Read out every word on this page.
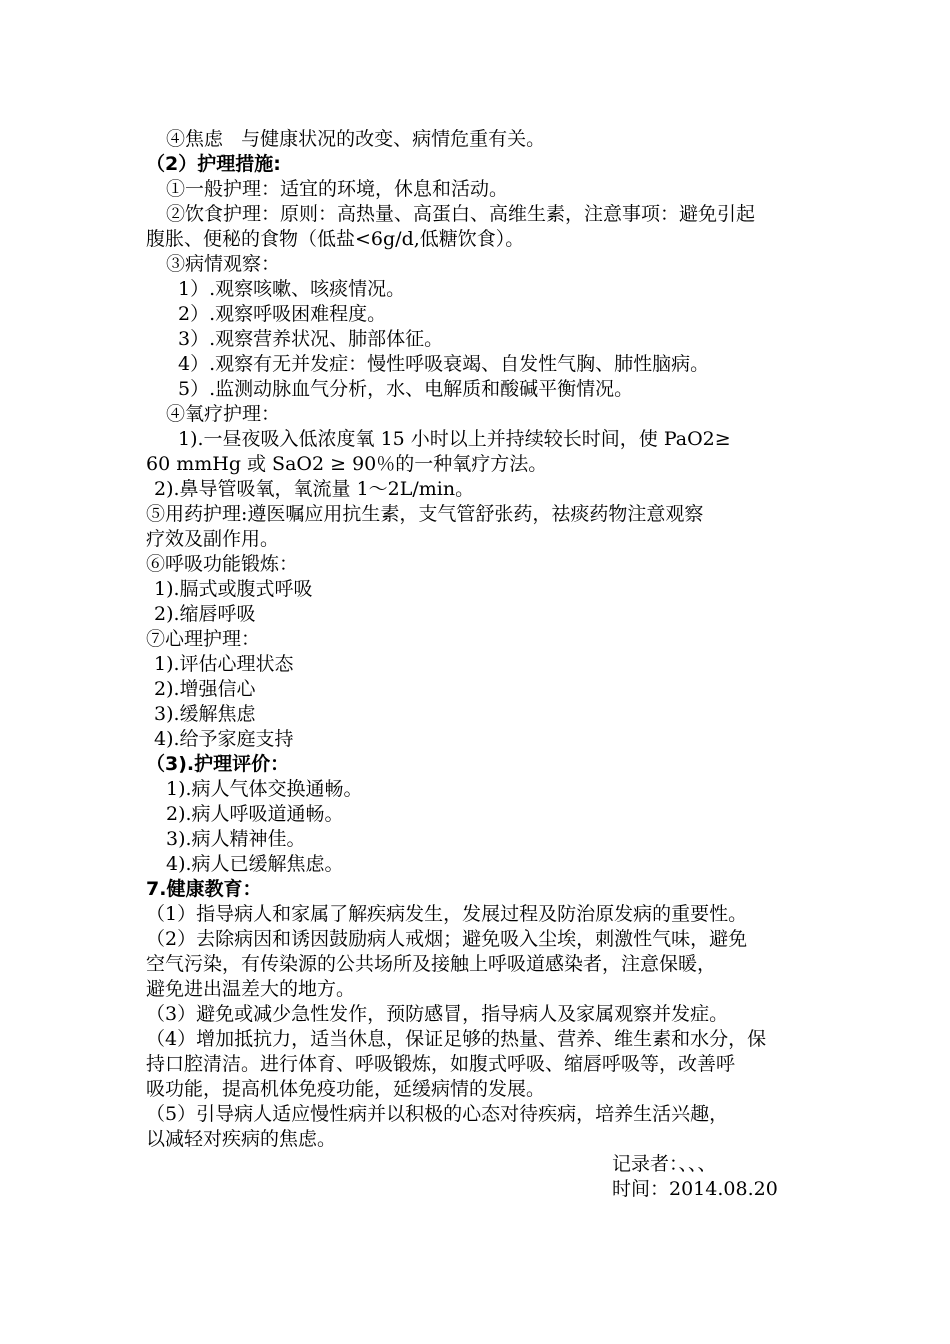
④焦虑   与健康状况的改变、病情危重有关。
（2）护理措施:
①一般护理：适宜的环境，休息和活动。
②饮食护理：原则：高热量、高蛋白、高维生素，注意事项：避免引起
腹胀、便秘的食物（低盐<6g/d,低糖饮食）。
③病情观察：
1）.观察咳嗽、咳痰情况。
2）.观察呼吸困难程度。
3）.观察营养状况、肺部体征。
4）.观察有无并发症：慢性呼吸衰竭、自发性气胸、肺性脑病。
5）.监测动脉血气分析，水、电解质和酸碱平衡情况。
④氧疗护理：
1).一昼夜吸入低浓度氧 15 小时以上并持续较长时间，使 PaO2≥
60 mmHg 或 SaO2 ≥ 90％的一种氧疗方法。
2).鼻导管吸氧，氧流量 1～2L/min。
⑤用药护理:遵医嘱应用抗生素，支气管舒张药，祛痰药物注意观察
疗效及副作用。
⑥呼吸功能锻炼：
1).膈式或腹式呼吸
2).缩唇呼吸
⑦心理护理：
1).评估心理状态
2).增强信心
3).缓解焦虑
4).给予家庭支持
（3).护理评价：
1).病人气体交换通畅。
2).病人呼吸道通畅。
3).病人精神佳。
4).病人已缓解焦虑。
7.健康教育：
（1）指导病人和家属了解疾病发生，发展过程及防治原发病的重要性。
（2）去除病因和诱因鼓励病人戒烟；避免吸入尘埃，刺激性气味，避免
空气污染，有传染源的公共场所及接触上呼吸道感染者，注意保暖，
避免进出温差大的地方。
（3）避免或减少急性发作，预防感冒，指导病人及家属观察并发症。
（4）增加抵抗力，适当休息，保证足够的热量、营养、维生素和水分，保
持口腔清洁。进行体育、呼吸锻炼，如腹式呼吸、缩唇呼吸等，改善呼
吸功能，提高机体免疫功能，延缓病情的发展。
（5）引导病人适应慢性病并以积极的心态对待疾病，培养生活兴趣，
以减轻对疾病的焦虑。
记录者：、、、
时间：2014.08.20
